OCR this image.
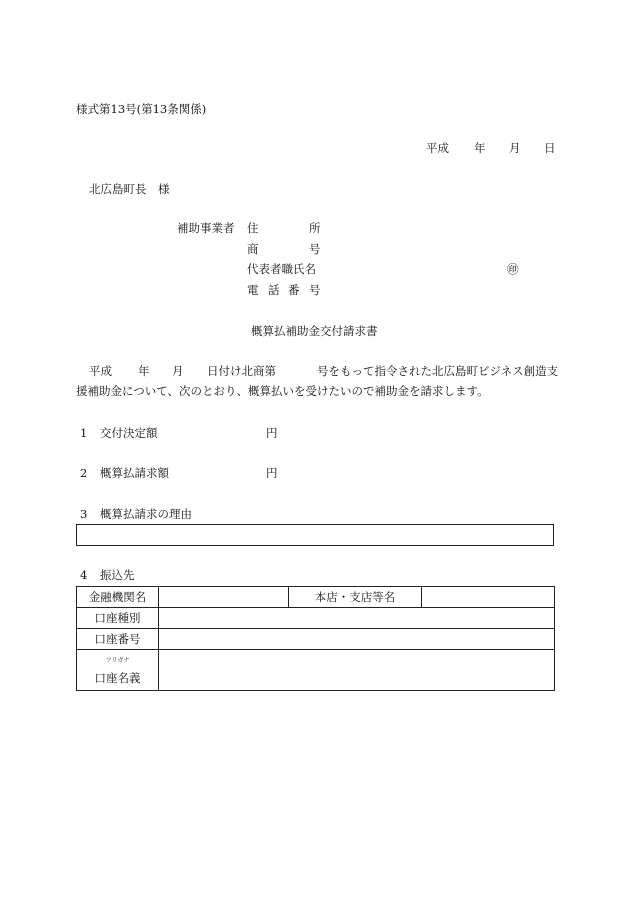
様式第13号(第13条関係)
平成 年 月 日
北広島町長　様
補助事業者 住	所
商	号
代表者職氏名	㊞
電 話 番 号
概算払補助金交付請求書
平成 年 月 日付け北商第	号をもって指令された北広島町ビジネス創造支
援補助金について、次のとおり、概算払いを受けたいので補助金を請求します。
1 交付決定額	円
2 概算払請求額	円
3 概算払請求の理由
4 振込先
金融機関名		本店・支店等名	
口座種別			
口座番号			

フリガナ
口座名義			
